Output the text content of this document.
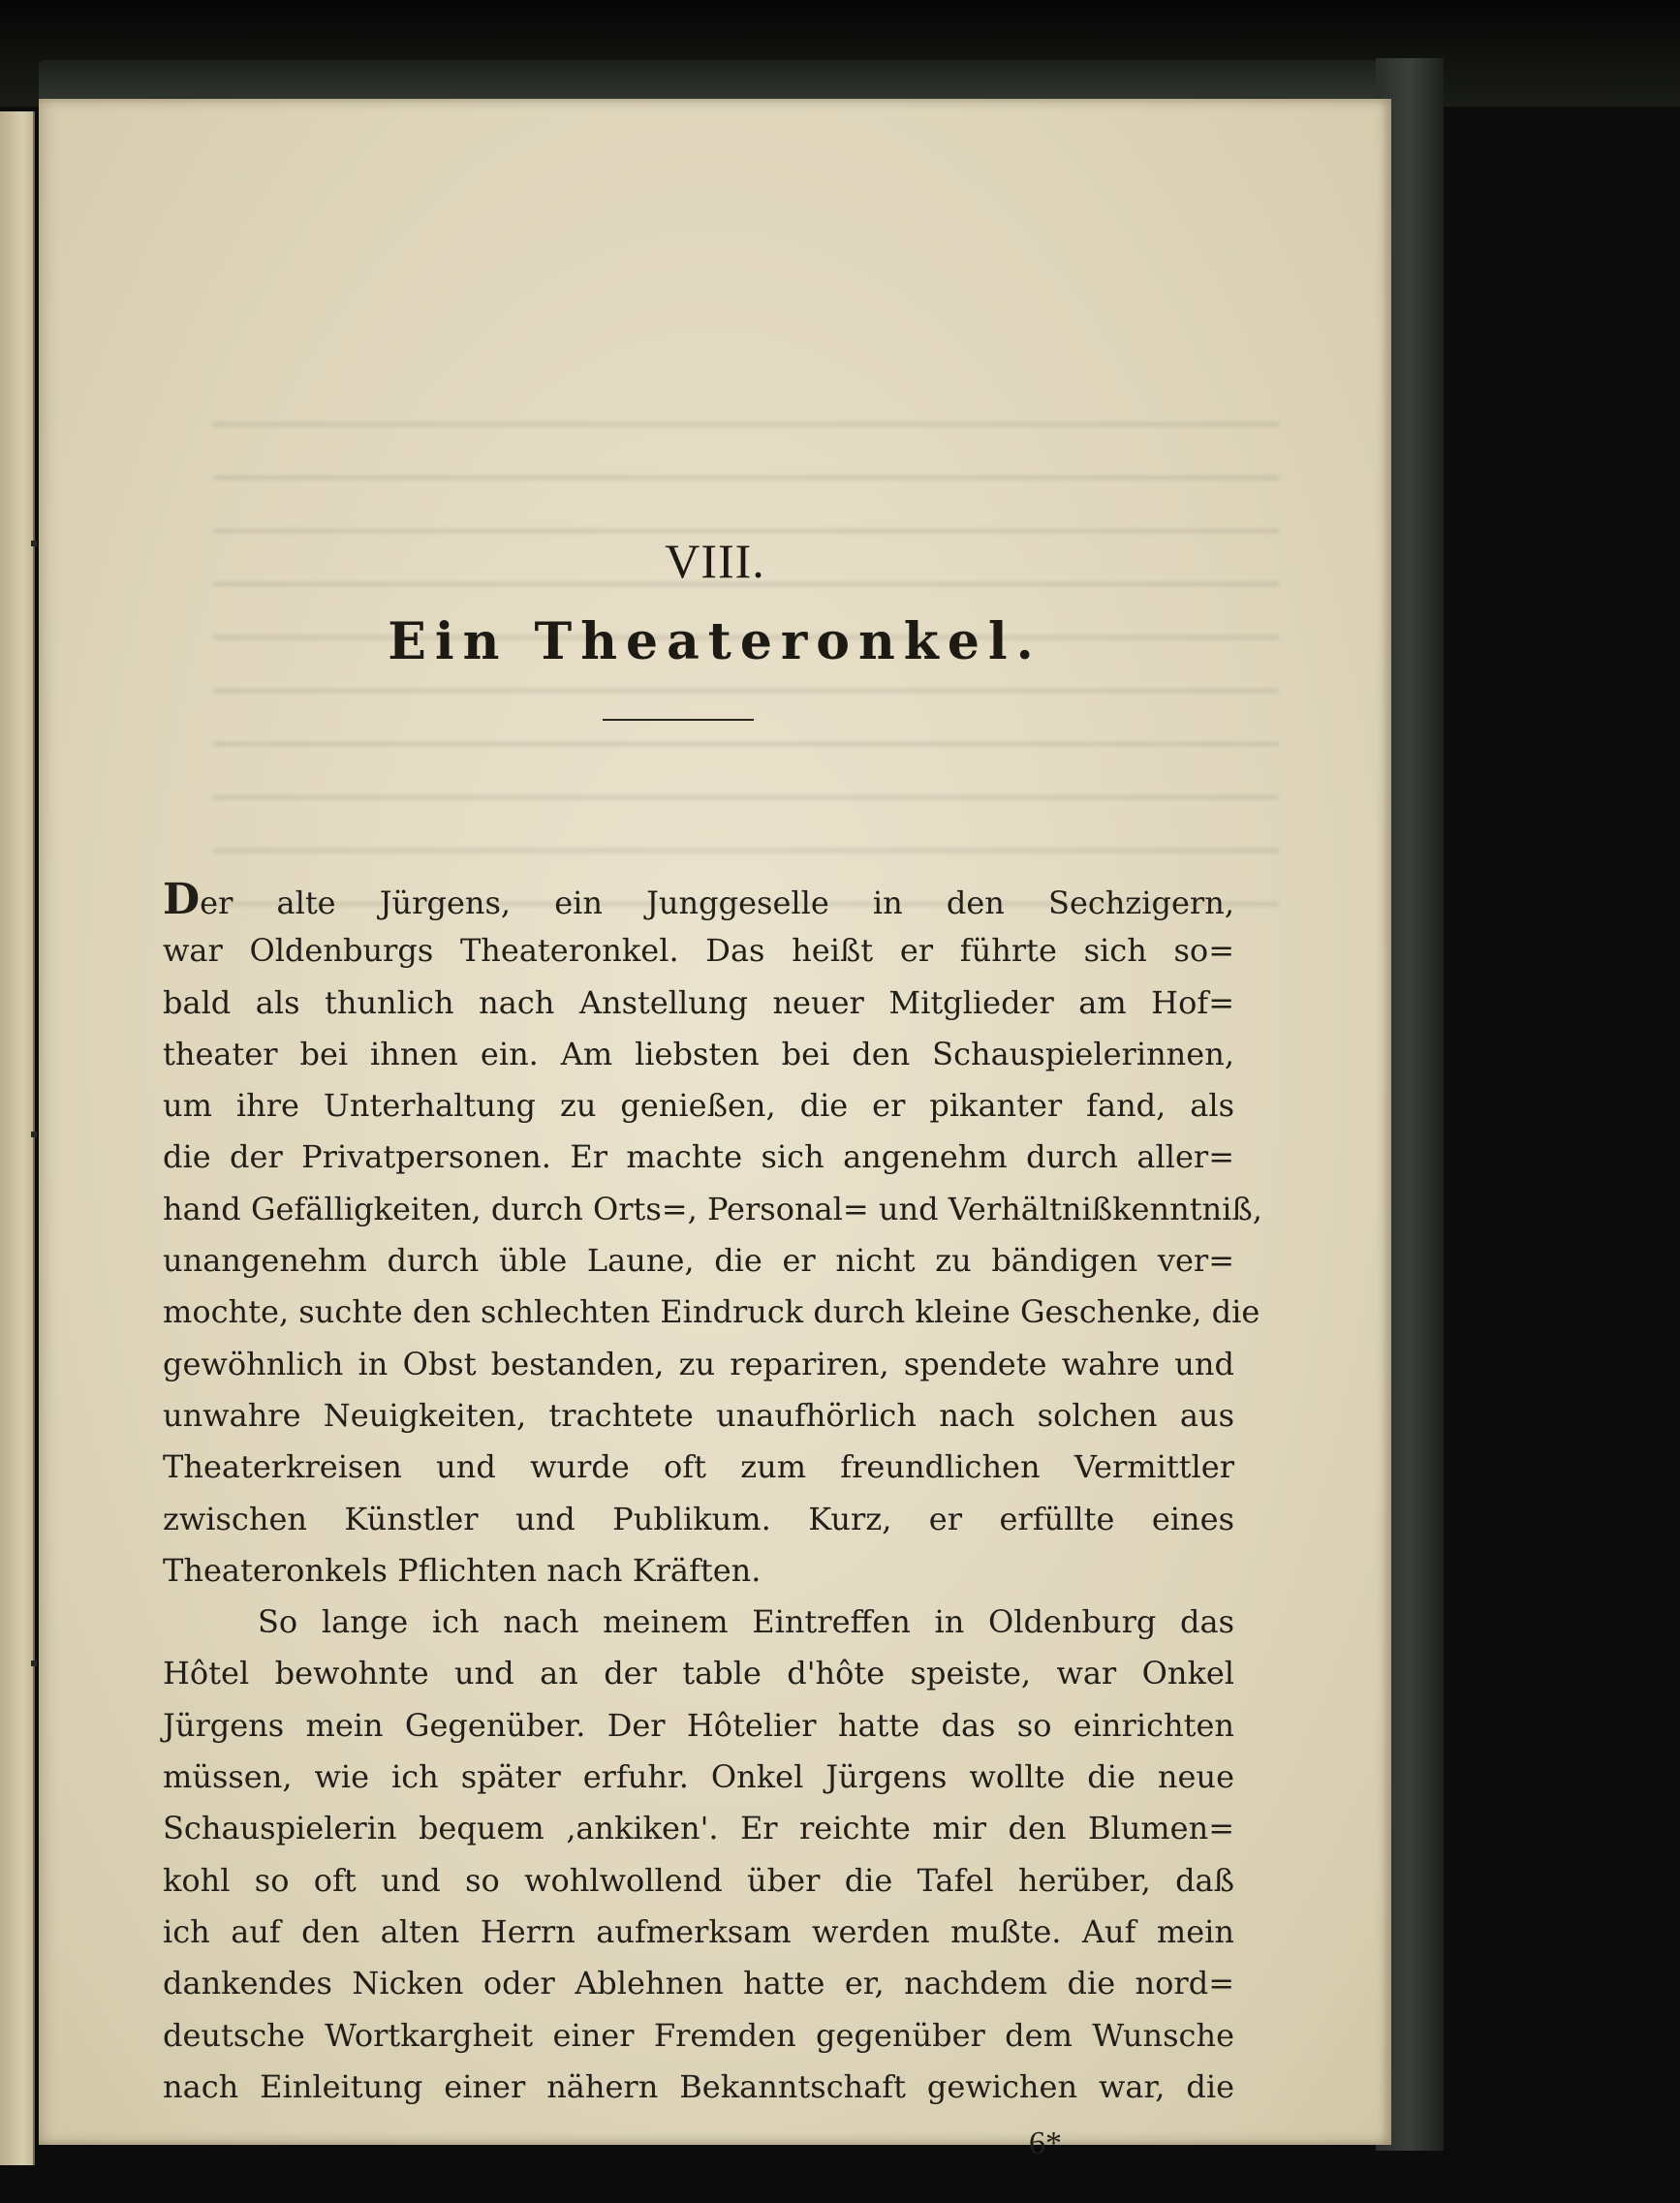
VIII.
Ein Theateronkel.
Der alte Jürgens, ein Junggeselle in den Sechzigern,
war Oldenburgs Theateronkel. Das heißt er führte sich so=
bald als thunlich nach Anstellung neuer Mitglieder am Hof=
theater bei ihnen ein. Am liebsten bei den Schauspielerinnen,
um ihre Unterhaltung zu genießen, die er pikanter fand, als
die der Privatpersonen. Er machte sich angenehm durch aller=
hand Gefälligkeiten, durch Orts=, Personal= und Verhältnißkenntniß,
unangenehm durch üble Laune, die er nicht zu bändigen ver=
mochte, suchte den schlechten Eindruck durch kleine Geschenke, die
gewöhnlich in Obst bestanden, zu repariren, spendete wahre und
unwahre Neuigkeiten, trachtete unaufhörlich nach solchen aus
Theaterkreisen und wurde oft zum freundlichen Vermittler
zwischen Künstler und Publikum. Kurz, er erfüllte eines
Theateronkels Pflichten nach Kräften.
So lange ich nach meinem Eintreffen in Oldenburg das
Hôtel bewohnte und an der table d'hôte speiste, war Onkel
Jürgens mein Gegenüber. Der Hôtelier hatte das so einrichten
müssen, wie ich später erfuhr. Onkel Jürgens wollte die neue
Schauspielerin bequem ‚ankiken'. Er reichte mir den Blumen=
kohl so oft und so wohlwollend über die Tafel herüber, daß
ich auf den alten Herrn aufmerksam werden mußte. Auf mein
dankendes Nicken oder Ablehnen hatte er, nachdem die nord=
deutsche Wortkargheit einer Fremden gegenüber dem Wunsche
nach Einleitung einer nähern Bekanntschaft gewichen war, die
6*
